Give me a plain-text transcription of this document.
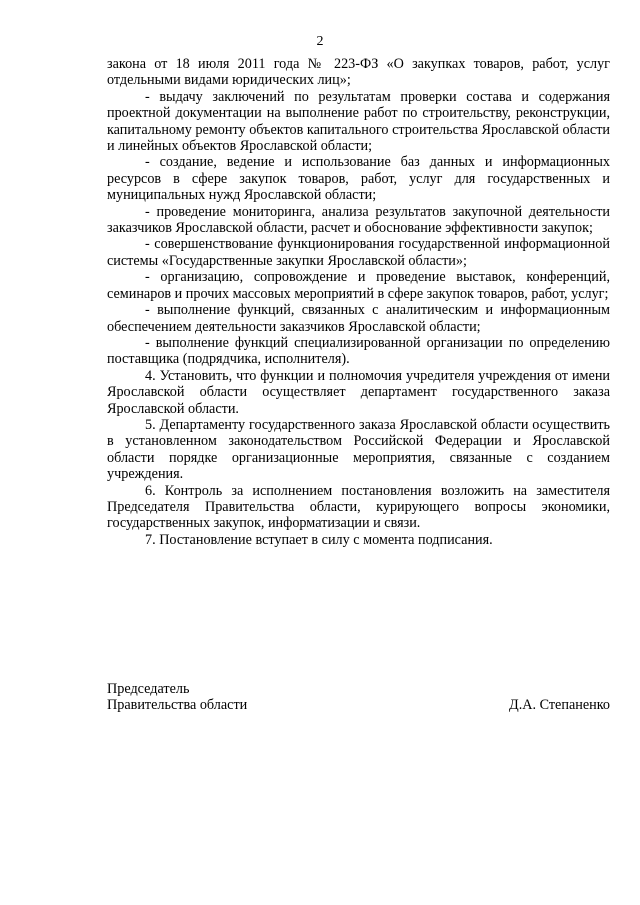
2

закона от 18 июля 2011 года № 223-ФЗ «О закупках товаров, работ, услуг отдельными видами юридических лиц»;

- выдачу заключений по результатам проверки состава и содержания проектной документации на выполнение работ по строительству, реконструкции, капитальному ремонту объектов капитального строительства Ярославской области и линейных объектов Ярославской области;

- создание, ведение и использование баз данных и информационных ресурсов в сфере закупок товаров, работ, услуг для государственных и муниципальных нужд Ярославской области;

- проведение мониторинга, анализа результатов закупочной деятельности заказчиков Ярославской области, расчет и обоснование эффективности закупок;

- совершенствование функционирования государственной информационной системы «Государственные закупки Ярославской области»;

- организацию, сопровождение и проведение выставок, конференций, семинаров и прочих массовых мероприятий в сфере закупок товаров, работ, услуг;

- выполнение функций, связанных с аналитическим и информационным обеспечением деятельности заказчиков Ярославской области;

- выполнение функций специализированной организации по определению поставщика (подрядчика, исполнителя).

4. Установить, что функции и полномочия учредителя учреждения от имени Ярославской области осуществляет департамент государственного заказа Ярославской области.

5. Департаменту государственного заказа Ярославской области осуществить в установленном законодательством Российской Федерации и Ярославской области порядке организационные мероприятия, связанные с созданием учреждения.

6. Контроль за исполнением постановления возложить на заместителя Председателя Правительства области, курирующего вопросы экономики, государственных закупок, информатизации и связи.

7. Постановление вступает в силу с момента подписания.

Председатель
Правительства области	Д.А. Степаненко
